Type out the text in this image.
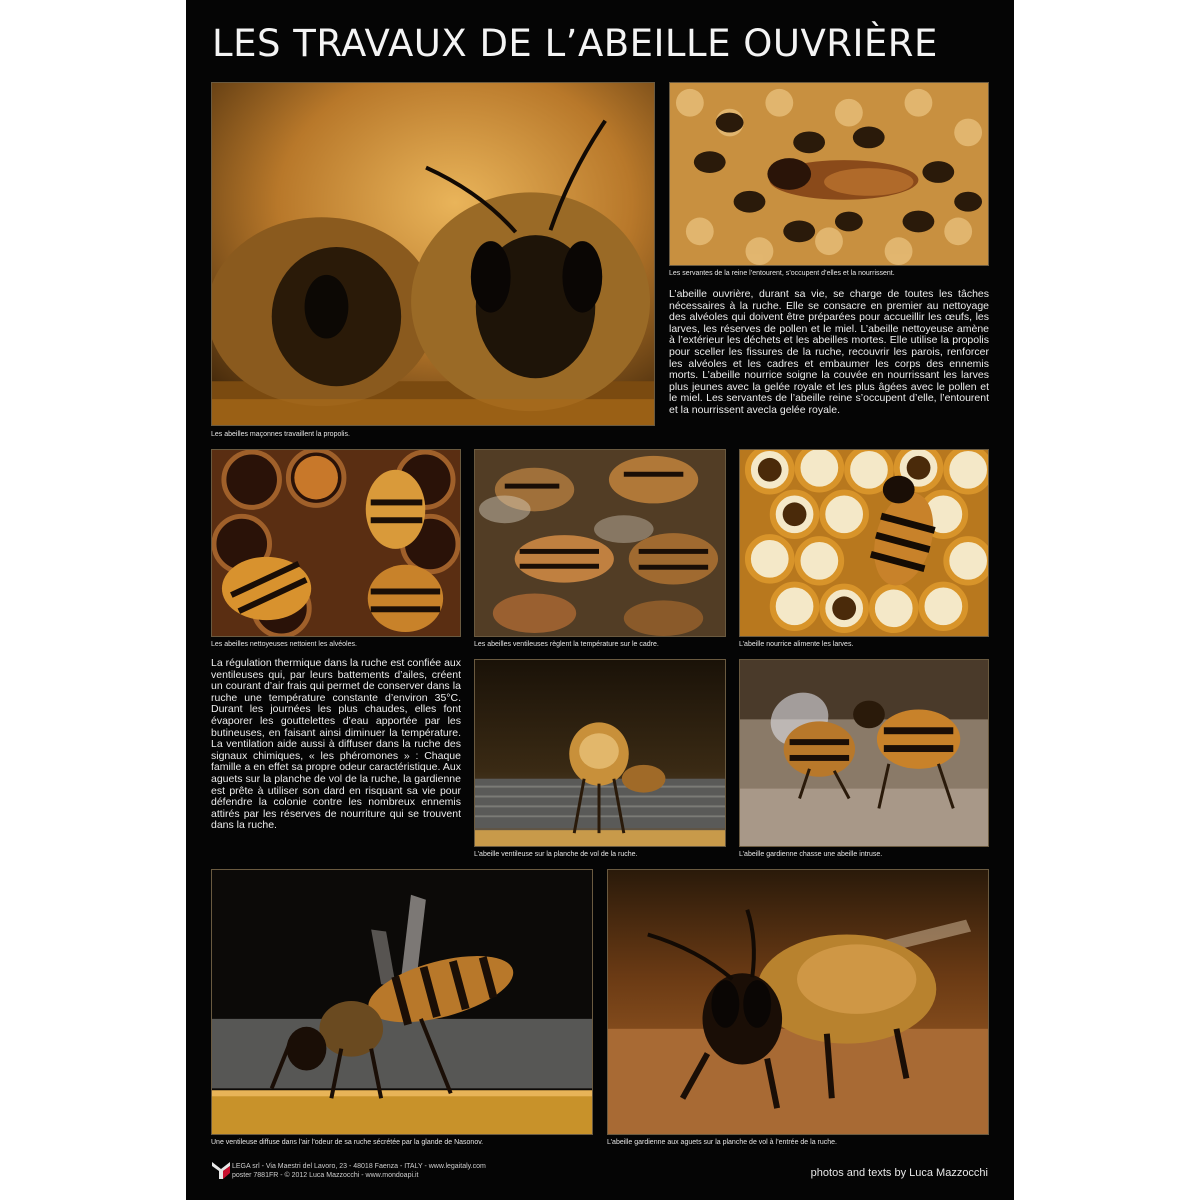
LES TRAVAUX DE L’ABEILLE OUVRIÈRE
Les abeilles maçonnes travaillent la propolis.
Les servantes de la reine l’entourent, s’occupent d’elles et la nourrissent.
L’abeille ouvrière, durant sa vie, se charge de toutes les tâches nécessaires à la ruche. Elle se consacre en premier au nettoyage des alvéoles qui doivent être préparées pour accueillir les œufs, les larves, les réserves de pollen et le miel. L’abeille nettoyeuse amène à l’extérieur les déchets et les abeilles mortes. Elle utilise la propolis pour sceller les fissures de la ruche, recouvrir les parois, renforcer les alvéoles et les cadres et embaumer les corps des ennemis morts. L’abeille nourrice soigne la couvée en nourrissant les larves plus jeunes avec la gelée royale et les plus âgées avec le pollen et le miel. Les servantes de l’abeille reine s’occupent d’elle, l’entourent et la nourrissent avecla gelée royale.
Les abeilles nettoyeuses nettoient les alvéoles.	Les abeilles ventileuses règlent la température sur le cadre.	L’abeille nourrice alimente les larves.
La régulation thermique dans la ruche est confiée aux ventileuses qui, par leurs battements d’ailes, créent un courant d’air frais qui permet de conserver dans la ruche une température constante d’environ 35°C. Durant les journées les plus chaudes, elles font évaporer les gouttelettes d’eau apportée par les butineuses, en faisant ainsi diminuer la température. La ventilation aide aussi à diffuser dans la ruche des signaux chimiques, « les phéromones » : Chaque famille a en effet sa propre odeur caractéristique. Aux aguets sur la planche de vol de la ruche, la gardienne est prête à utiliser son dard en risquant sa vie pour défendre la colonie contre les nombreux ennemis attirés par les réserves de nourriture qui se trouvent dans la ruche.
L’abeille ventileuse sur la planche de vol de la ruche.	L’abeille gardienne chasse une abeille intruse.
Une ventileuse diffuse dans l’air l’odeur de sa ruche sécrétée par la glande de Nasonov.	L’abeille gardienne aux aguets sur la planche de vol à l’entrée de la ruche.
LEGA srl - Via Maestri del Lavoro, 23 - 48018 Faenza - ITALY - www.legaitaly.com
poster 7881FR - © 2012 Luca Mazzocchi - www.mondoapi.it	photos and texts by Luca Mazzocchi
